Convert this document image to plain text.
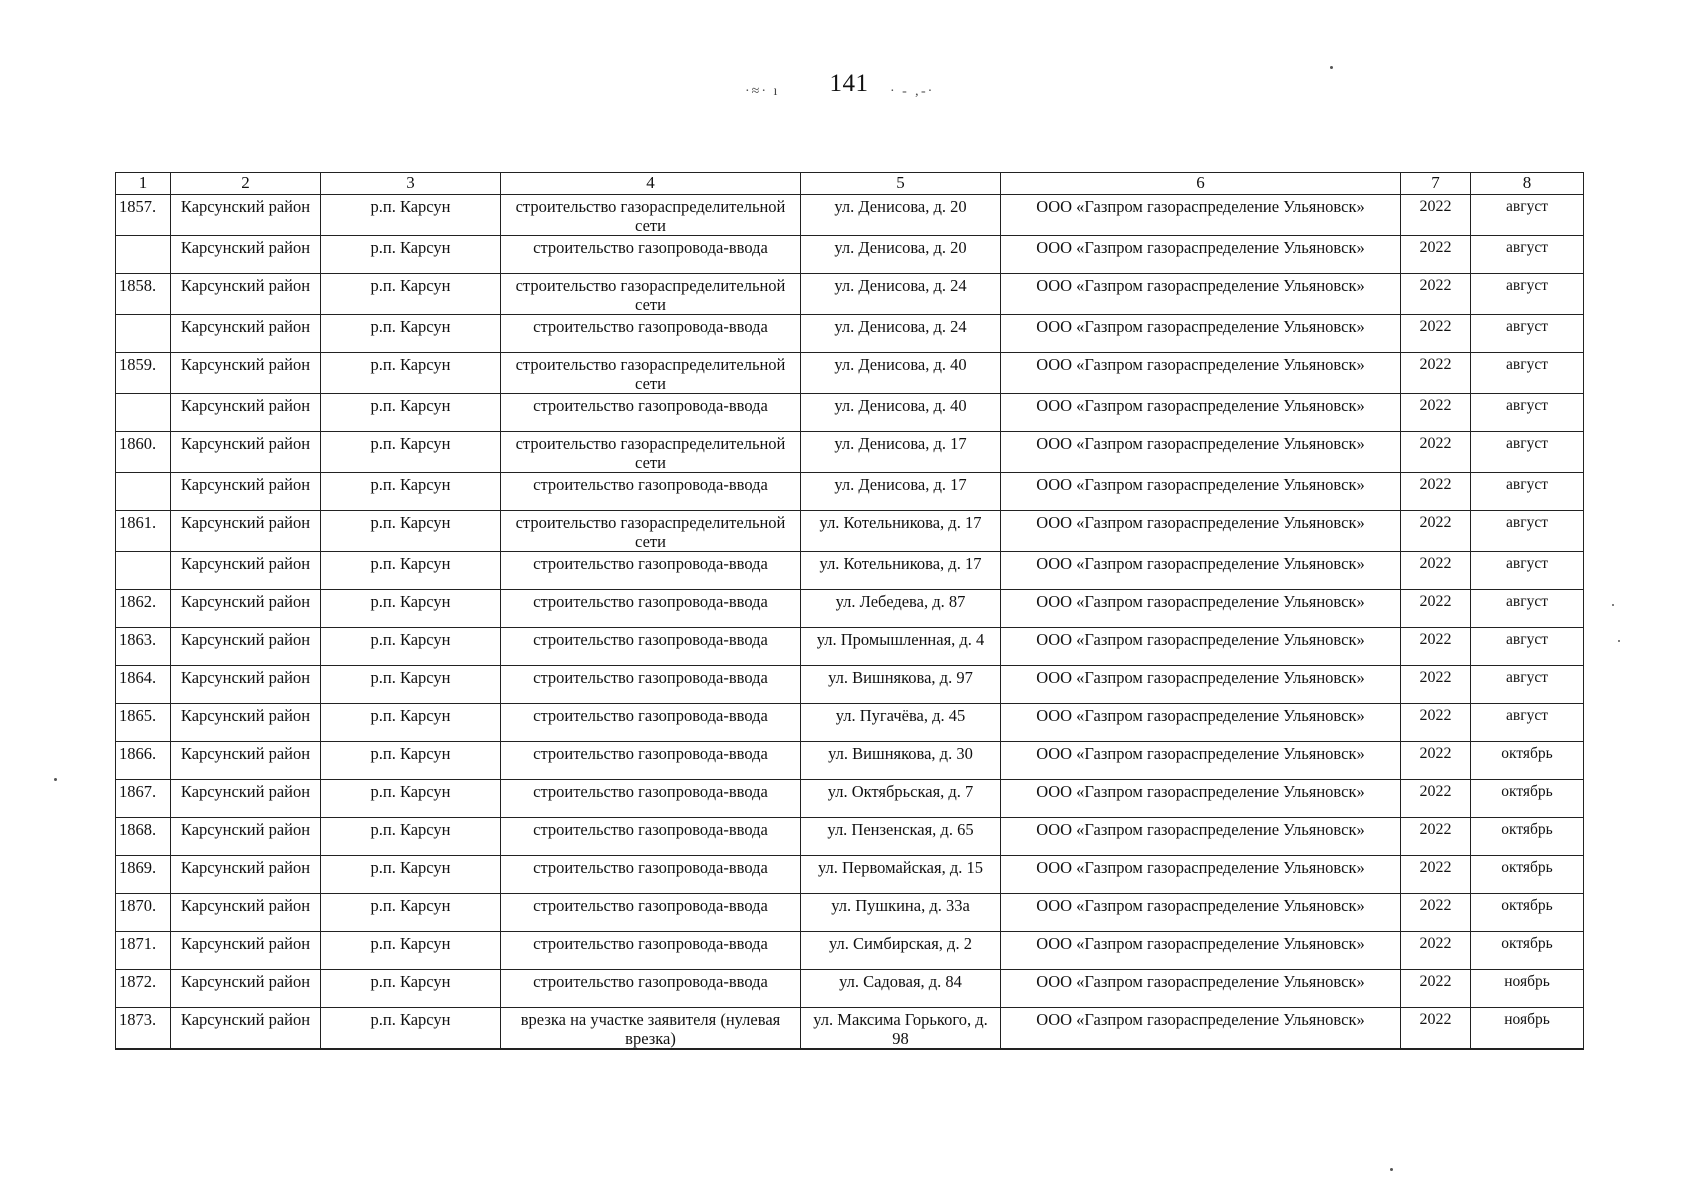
141
·≈· ı	· - ‚-·
1	2	3	4	5	6	7	8
1857.	Карсунский район	р.п. Карсун	строительство газораспределительной сети	ул. Денисова, д. 20	ООО «Газпром газораспределение Ульяновск»	2022	август
	Карсунский район	р.п. Карсун	строительство газопровода-ввода	ул. Денисова, д. 20	ООО «Газпром газораспределение Ульяновск»	2022	август
1858.	Карсунский район	р.п. Карсун	строительство газораспределительной сети	ул. Денисова, д. 24	ООО «Газпром газораспределение Ульяновск»	2022	август
	Карсунский район	р.п. Карсун	строительство газопровода-ввода	ул. Денисова, д. 24	ООО «Газпром газораспределение Ульяновск»	2022	август
1859.	Карсунский район	р.п. Карсун	строительство газораспределительной сети	ул. Денисова, д. 40	ООО «Газпром газораспределение Ульяновск»	2022	август
	Карсунский район	р.п. Карсун	строительство газопровода-ввода	ул. Денисова, д. 40	ООО «Газпром газораспределение Ульяновск»	2022	август
1860.	Карсунский район	р.п. Карсун	строительство газораспределительной сети	ул. Денисова, д. 17	ООО «Газпром газораспределение Ульяновск»	2022	август
	Карсунский район	р.п. Карсун	строительство газопровода-ввода	ул. Денисова, д. 17	ООО «Газпром газораспределение Ульяновск»	2022	август
1861.	Карсунский район	р.п. Карсун	строительство газораспределительной сети	ул. Котельникова, д. 17	ООО «Газпром газораспределение Ульяновск»	2022	август
	Карсунский район	р.п. Карсун	строительство газопровода-ввода	ул. Котельникова, д. 17	ООО «Газпром газораспределение Ульяновск»	2022	август
1862.	Карсунский район	р.п. Карсун	строительство газопровода-ввода	ул. Лебедева, д. 87	ООО «Газпром газораспределение Ульяновск»	2022	август
1863.	Карсунский район	р.п. Карсун	строительство газопровода-ввода	ул. Промышленная, д. 4	ООО «Газпром газораспределение Ульяновск»	2022	август
1864.	Карсунский район	р.п. Карсун	строительство газопровода-ввода	ул. Вишнякова, д. 97	ООО «Газпром газораспределение Ульяновск»	2022	август
1865.	Карсунский район	р.п. Карсун	строительство газопровода-ввода	ул. Пугачёва, д. 45	ООО «Газпром газораспределение Ульяновск»	2022	август
1866.	Карсунский район	р.п. Карсун	строительство газопровода-ввода	ул. Вишнякова, д. 30	ООО «Газпром газораспределение Ульяновск»	2022	октябрь
1867.	Карсунский район	р.п. Карсун	строительство газопровода-ввода	ул. Октябрьская, д. 7	ООО «Газпром газораспределение Ульяновск»	2022	октябрь
1868.	Карсунский район	р.п. Карсун	строительство газопровода-ввода	ул. Пензенская, д. 65	ООО «Газпром газораспределение Ульяновск»	2022	октябрь
1869.	Карсунский район	р.п. Карсун	строительство газопровода-ввода	ул. Первомайская, д. 15	ООО «Газпром газораспределение Ульяновск»	2022	октябрь
1870.	Карсунский район	р.п. Карсун	строительство газопровода-ввода	ул. Пушкина, д. 33а	ООО «Газпром газораспределение Ульяновск»	2022	октябрь
1871.	Карсунский район	р.п. Карсун	строительство газопровода-ввода	ул. Симбирская, д. 2	ООО «Газпром газораспределение Ульяновск»	2022	октябрь
1872.	Карсунский район	р.п. Карсун	строительство газопровода-ввода	ул. Садовая, д. 84	ООО «Газпром газораспределение Ульяновск»	2022	ноябрь
1873.	Карсунский район	р.п. Карсун	врезка на участке заявителя (нулевая врезка)	ул. Максима Горького, д. 98	ООО «Газпром газораспределение Ульяновск»	2022	ноябрь
